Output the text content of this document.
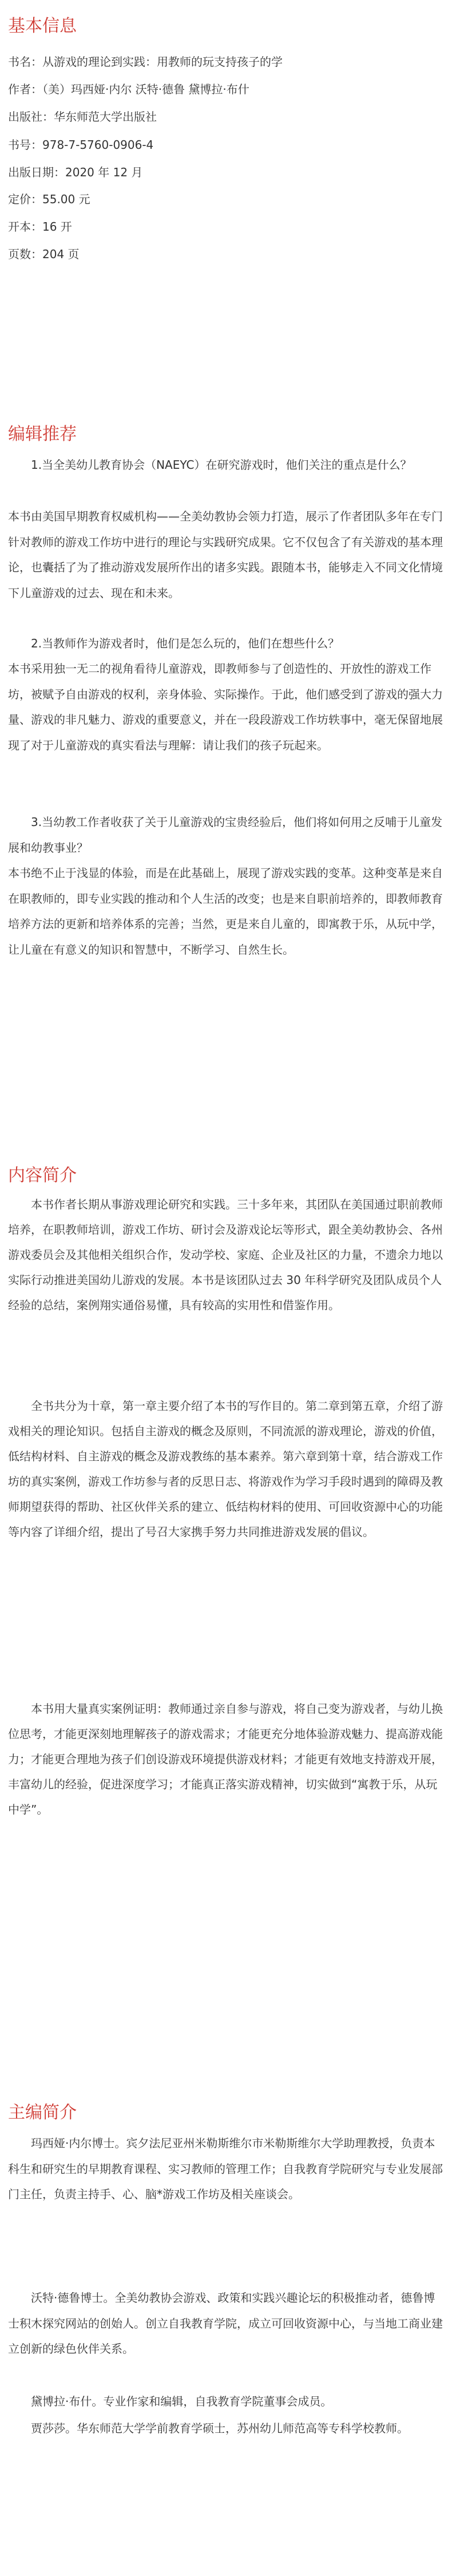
基本信息
书名：从游戏的理论到实践：用教师的玩支持孩子的学
作者：（美）玛西娅·内尔 沃特·德鲁 黛博拉·布什
出版社：华东师范大学出版社
书号：978-7-5760-0906-4
出版日期：2020 年 12 月
定价：55.00 元
开本：16 开
页数：204 页
编辑推荐

　　1.当全美幼儿教育协会（NAEYC）在研究游戏时，他们关注的重点是什么？

本书由美国早期教育权威机构——全美幼教协会领力打造，展示了作者团队多年在专门针对教师的游戏工作坊中进行的理论与实践研究成果。它不仅包含了有关游戏的基本理论，也囊括了为了推动游戏发展所作出的诸多实践。跟随本书，能够走入不同文化情境下儿童游戏的过去、现在和未来。

　　2.当教师作为游戏者时，他们是怎么玩的，他们在想些什么？

本书采用独一无二的视角看待儿童游戏，即教师参与了创造性的、开放性的游戏工作坊，被赋予自由游戏的权利，亲身体验、实际操作。于此，他们感受到了游戏的强大力量、游戏的非凡魅力、游戏的重要意义，并在一段段游戏工作坊轶事中，毫无保留地展现了对于儿童游戏的真实看法与理解：请让我们的孩子玩起来。

　　3.当幼教工作者收获了关于儿童游戏的宝贵经验后，他们将如何用之反哺于儿童发展和幼教事业？

本书绝不止于浅显的体验，而是在此基础上，展现了游戏实践的变革。这种变革是来自在职教师的，即专业实践的推动和个人生活的改变；也是来自职前培养的，即教师教育培养方法的更新和培养体系的完善；当然，更是来自儿童的，即寓教于乐，从玩中学，让儿童在有意义的知识和智慧中，不断学习、自然生长。

内容简介

　　本书作者长期从事游戏理论研究和实践。三十多年来，其团队在美国通过职前教师培养，在职教师培训，游戏工作坊、研讨会及游戏论坛等形式，跟全美幼教协会、各州游戏委员会及其他相关组织合作，发动学校、家庭、企业及社区的力量，不遗余力地以实际行动推进美国幼儿游戏的发展。本书是该团队过去 30 年科学研究及团队成员个人经验的总结，案例翔实通俗易懂，具有较高的实用性和借鉴作用。

　　全书共分为十章，第一章主要介绍了本书的写作目的。第二章到第五章，介绍了游戏相关的理论知识。包括自主游戏的概念及原则，不同流派的游戏理论，游戏的价值，低结构材料、自主游戏的概念及游戏教练的基本素养。第六章到第十章，结合游戏工作坊的真实案例，游戏工作坊参与者的反思日志、将游戏作为学习手段时遇到的障碍及教师期望获得的帮助、社区伙伴关系的建立、低结构材料的使用、可回收资源中心的功能等内容了详细介绍，提出了号召大家携手努力共同推进游戏发展的倡议。

　　本书用大量真实案例证明：教师通过亲自参与游戏，将自己变为游戏者，与幼儿换位思考，才能更深刻地理解孩子的游戏需求；才能更充分地体验游戏魅力、提高游戏能力；才能更合理地为孩子们创设游戏环境提供游戏材料；才能更有效地支持游戏开展，丰富幼儿的经验，促进深度学习；才能真正落实游戏精神，切实做到“寓教于乐，从玩中学”。

主编简介

　　玛西娅·内尔博士。宾夕法尼亚州米勒斯维尔市米勒斯维尔大学助理教授，负责本科生和研究生的早期教育课程、实习教师的管理工作；自我教育学院研究与专业发展部门主任，负责主持手、心、脑*游戏工作坊及相关座谈会。

　　沃特·德鲁博士。全美幼教协会游戏、政策和实践兴趣论坛的积极推动者，德鲁博士积木探究网站的创始人。创立自我教育学院，成立可回收资源中心，与当地工商业建立创新的绿色伙伴关系。

　　黛博拉·布什。专业作家和编辑，自我教育学院董事会成员。

　　贾莎莎。华东师范大学学前教育学硕士，苏州幼儿师范高等专科学校教师。
